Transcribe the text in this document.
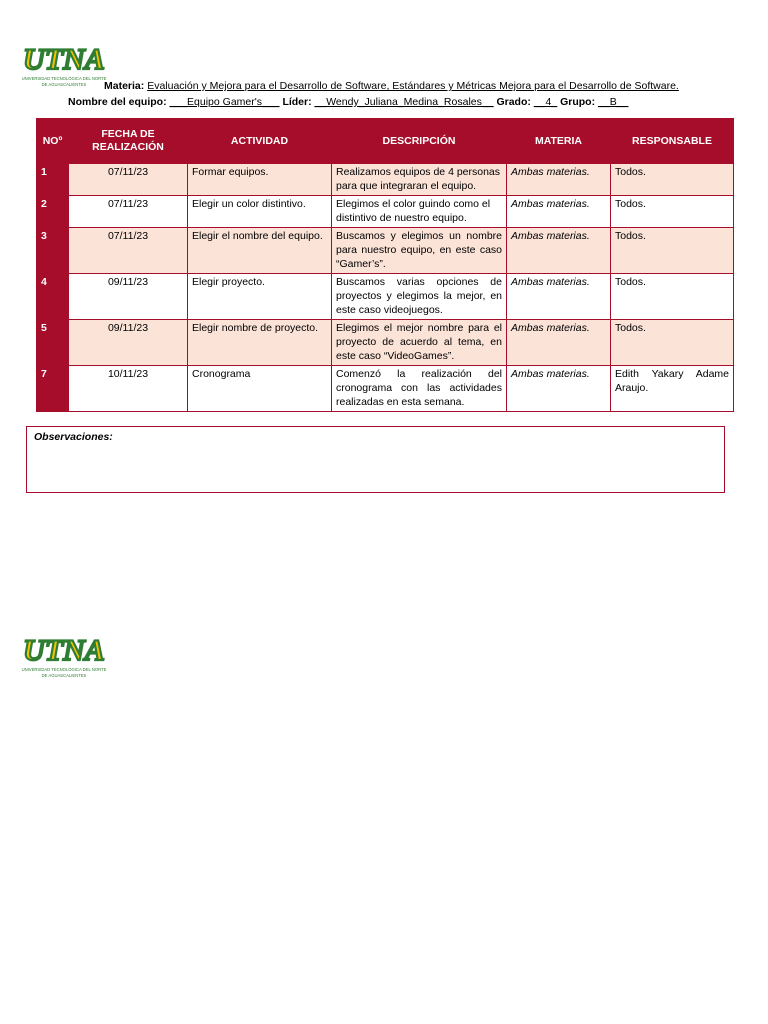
UTNA
UNIVERSIDAD TECNOLÓGICA DEL NORTE
DE AGUASCALIENTES Materia: Evaluación y Mejora para el Desarrollo de Software, Estándares y Métricas Mejora para el Desarrollo de Software.
Nombre del equipo: ___Equipo Gamer's___ Líder: __Wendy_Juliana_Medina_Rosales__ Grado: __4_ Grupo: __B__
NOº	FECHA DE REALIZACIÓN	ACTIVIDAD	DESCRIPCIÓN	MATERIA	RESPONSABLE
1	07/11/23	Formar equipos.	Realizamos equipos de 4 personas para que integraran el equipo.	Ambas materias.	Todos.
2	07/11/23	Elegir un color distintivo.	Elegimos el color guindo como el distintivo de nuestro equipo.	Ambas materias.	Todos.
3	07/11/23	Elegir el nombre del equipo.	Buscamos y elegimos un nombre para nuestro equipo, en este caso “Gamer’s”.	Ambas materias.	Todos.
4	09/11/23	Elegir proyecto.	Buscamos varias opciones de proyectos y elegimos la mejor, en este caso videojuegos.	Ambas materias.	Todos.
5	09/11/23	Elegir nombre de proyecto.	Elegimos el mejor nombre para el proyecto de acuerdo al tema, en este caso “VideoGames”.	Ambas materias.	Todos.
7	10/11/23	Cronograma	Comenzó la realización del cronograma con las actividades realizadas en esta semana.	Ambas materias.	Edith Yakary Adame Araujo.
Observaciones:
UTNA
UNIVERSIDAD TECNOLÓGICA DEL NORTE
DE AGUASCALIENTES
